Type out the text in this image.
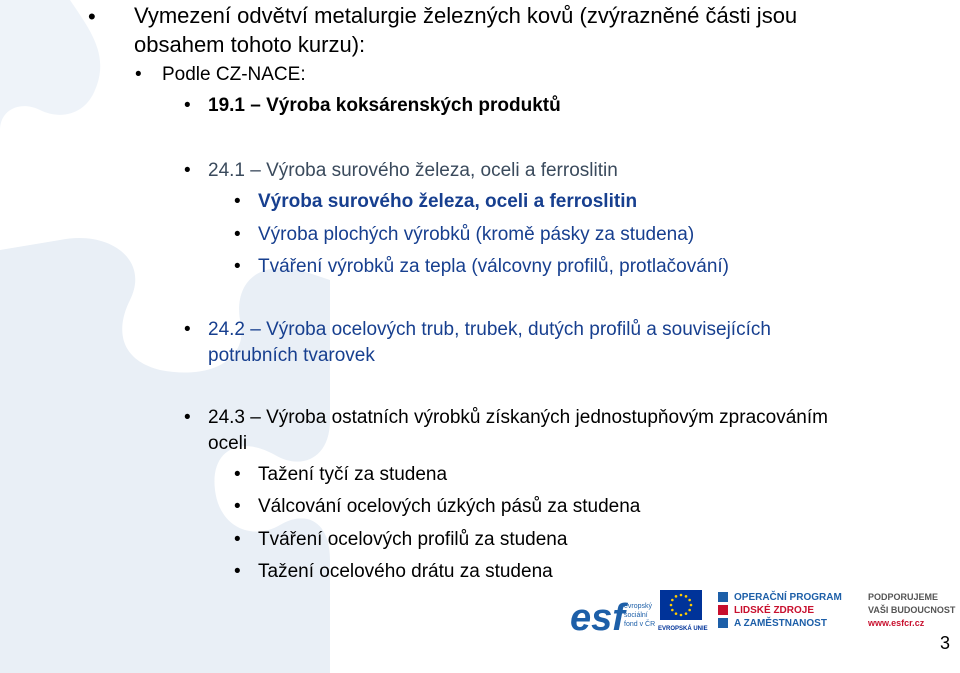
• Vymezení odvětví metalurgie železných kovů (zvýrazněné části jsou
obsahem tohoto kurzu):
• Podle CZ-NACE:
• 19.1 – Výroba koksárenských produktů
• 24.1 – Výroba surového železa, oceli a ferroslitin
• Výroba surového železa, oceli a ferroslitin
• Výroba plochých výrobků (kromě pásky za studena)
• Tváření výrobků za tepla (válcovny profilů, protlačování)
• 24.2 – Výroba ocelových trub, trubek, dutých profilů a souvisejících
potrubních tvarovek
• 24.3 – Výroba ostatních výrobků získaných jednostupňovým zpracováním
oceli
• Tažení tyčí za studena
• Válcování ocelových úzkých pásů za studena
• Tváření ocelových profilů za studena
• Tažení ocelového drátu za studena
esf evropský
sociální
fond v ČR
EVROPSKÁ UNIE
OPERAČNÍ PROGRAM
LIDSKÉ ZDROJE
A ZAMĚSTNANOST
PODPORUJEME
VAŠI BUDOUCNOST
www.esfcr.cz
3
